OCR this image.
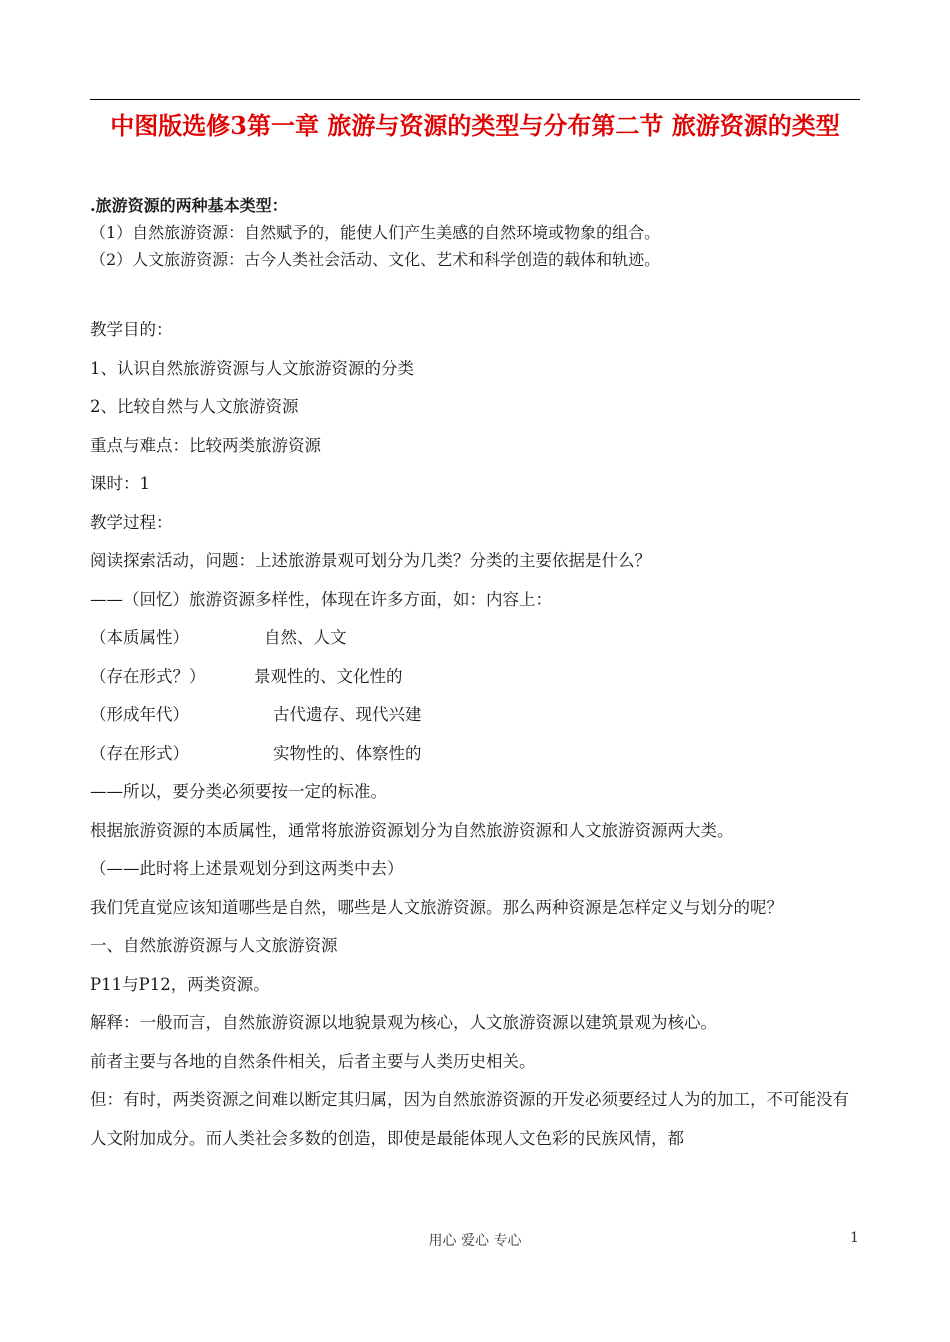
中图版选修3第一章 旅游与资源的类型与分布第二节 旅游资源的类型
.旅游资源的两种基本类型：
（1）自然旅游资源：自然赋予的，能使人们产生美感的自然环境或物象的组合。
（2）人文旅游资源：古今人类社会活动、文化、艺术和科学创造的载体和轨迹。
教学目的：
1、认识自然旅游资源与人文旅游资源的分类
2、比较自然与人文旅游资源
重点与难点：比较两类旅游资源
课时：1
教学过程：
阅读探索活动，问题：上述旅游景观可划分为几类？分类的主要依据是什么？
——（回忆）旅游资源多样性，体现在许多方面，如：内容上：
（本质属性）	自然、人文
（存在形式？）	景观性的、文化性的
（形成年代）	古代遗存、现代兴建
（存在形式）	实物性的、体察性的
——所以，要分类必须要按一定的标准。
根据旅游资源的本质属性，通常将旅游资源划分为自然旅游资源和人文旅游资源两大类。
（——此时将上述景观划分到这两类中去）
我们凭直觉应该知道哪些是自然，哪些是人文旅游资源。那么两种资源是怎样定义与划分的呢？
一、自然旅游资源与人文旅游资源
P11与P12，两类资源。
解释：一般而言，自然旅游资源以地貌景观为核心，人文旅游资源以建筑景观为核心。
前者主要与各地的自然条件相关，后者主要与人类历史相关。
但：有时，两类资源之间难以断定其归属，因为自然旅游资源的开发必须要经过人为的加工，不可能没有人文附加成分。而人类社会多数的创造，即使是最能体现人文色彩的民族风情，都
用心 爱心 专心	1
